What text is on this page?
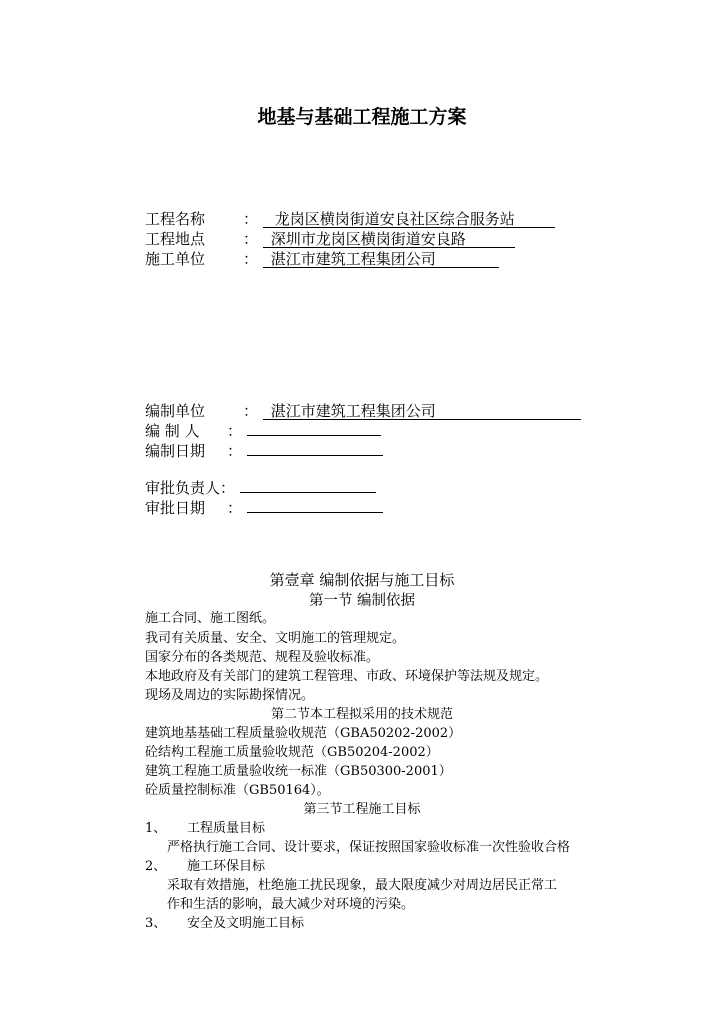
地基与基础工程施工方案
工程名称	： 龙岗区横岗街道安良社区综合服务站
工程地点	： 深圳市龙岗区横岗街道安良路
施工单位	： 湛江市建筑工程集团公司
编制单位	： 湛江市建筑工程集团公司
编 制 人 ：
编制日期 ：
审批负责人：
审批日期 ：
第壹章 编制依据与施工目标
第一节 编制依据
施工合同、施工图纸。
我司有关质量、安全、文明施工的管理规定。
国家分布的各类规范、规程及验收标准。
本地政府及有关部门的建筑工程管理、市政、环境保护等法规及规定。
现场及周边的实际勘探情况。
第二节本工程拟采用的技术规范
建筑地基基础工程质量验收规范（GBA50202-2002）
砼结构工程施工质量验收规范（GB50204-2002）
建筑工程施工质量验收统一标准（GB50300-2001）
砼质量控制标准（GB50164）。
第三节工程施工目标
1、 工程质量目标
严格执行施工合同、设计要求，保证按照国家验收标准一次性验收合格
2、 施工环保目标
采取有效措施，杜绝施工扰民现象，最大限度减少对周边居民正常工
作和生活的影响，最大减少对环境的污染。
3、 安全及文明施工目标
